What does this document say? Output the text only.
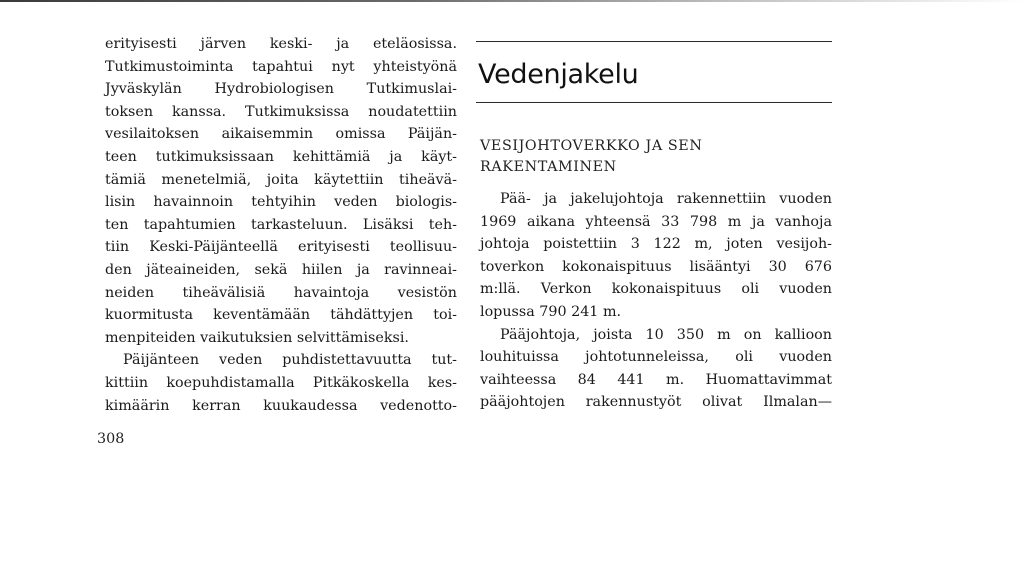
erityisesti järven keski- ja eteläosissa.
Tutkimustoiminta tapahtui nyt yhteistyönä
Jyväskylän Hydrobiologisen Tutkimuslai-
toksen kanssa. Tutkimuksissa noudatettiin
vesilaitoksen aikaisemmin omissa Päijän-
teen tutkimuksissaan kehittämiä ja käyt-
tämiä menetelmiä, joita käytettiin tiheävä-
lisin havainnoin tehtyihin veden biologis-
ten tapahtumien tarkasteluun. Lisäksi teh-
tiin Keski-Päijänteellä erityisesti teollisuu-
den jäteaineiden, sekä hiilen ja ravinneai-
neiden tiheävälisiä havaintoja vesistön
kuormitusta keventämään tähdättyjen toi-
menpiteiden vaikutuksien selvittämiseksi.
Päijänteen veden puhdistettavuutta tut-
kittiin koepuhdistamalla Pitkäkoskella kes-
kimäärin kerran kuukaudessa vedenotto-
Vedenjakelu
VESIJOHTOVERKKO JA SEN
RAKENTAMINEN
Pää- ja jakelujohtoja rakennettiin vuoden
1969 aikana yhteensä 33 798 m ja vanhoja
johtoja poistettiin 3 122 m, joten vesijoh-
toverkon kokonaispituus lisääntyi 30 676
m:llä. Verkon kokonaispituus oli vuoden
lopussa 790 241 m.
Pääjohtoja, joista 10 350 m on kallioon
louhituissa johtotunneleissa, oli vuoden
vaihteessa 84 441 m. Huomattavimmat
pääjohtojen rakennustyöt olivat Ilmalan—
308
